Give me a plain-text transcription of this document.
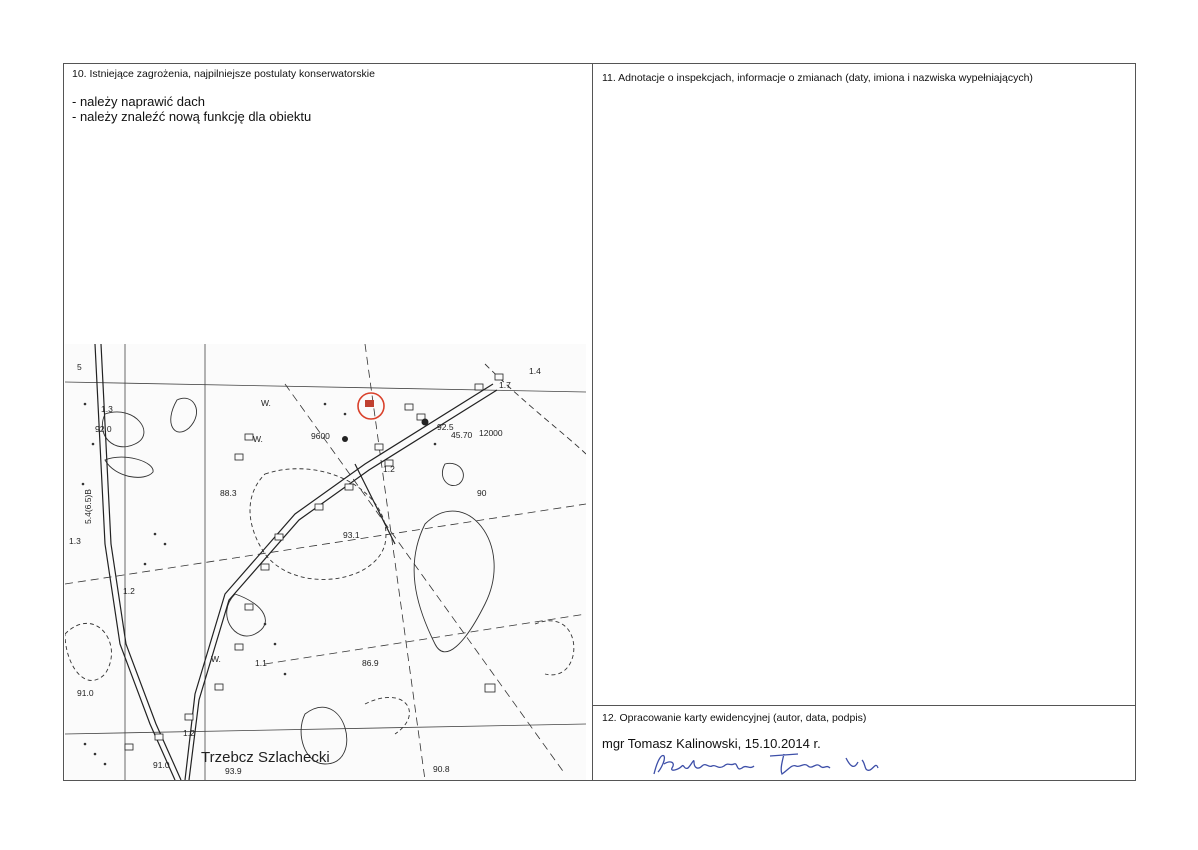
10. Istniejące zagrożenia, najpilniejsze postulaty konserwatorskie
- należy naprawić dach
- należy znaleźć nową funkcję dla obiektu
11. Adnotacje o inspekcjach, informacje o zmianach (daty, imiona i nazwiska wypełniających)
12. Opracowanie karty ewidencyjnej (autor, data, podpis)
mgr Tomasz Kalinowski, 15.10.2014 r.
92.0
88.3
93.1
86.9
92.5
45.70 12000
9600
91.0
91.0
93.9	90.8
1.1
1.2
1.2
1.2
1.3
1.3
1.4
1.7
5.4(6.5)B
W.
W.
W.
90
5
Trzebcz Szlachecki
